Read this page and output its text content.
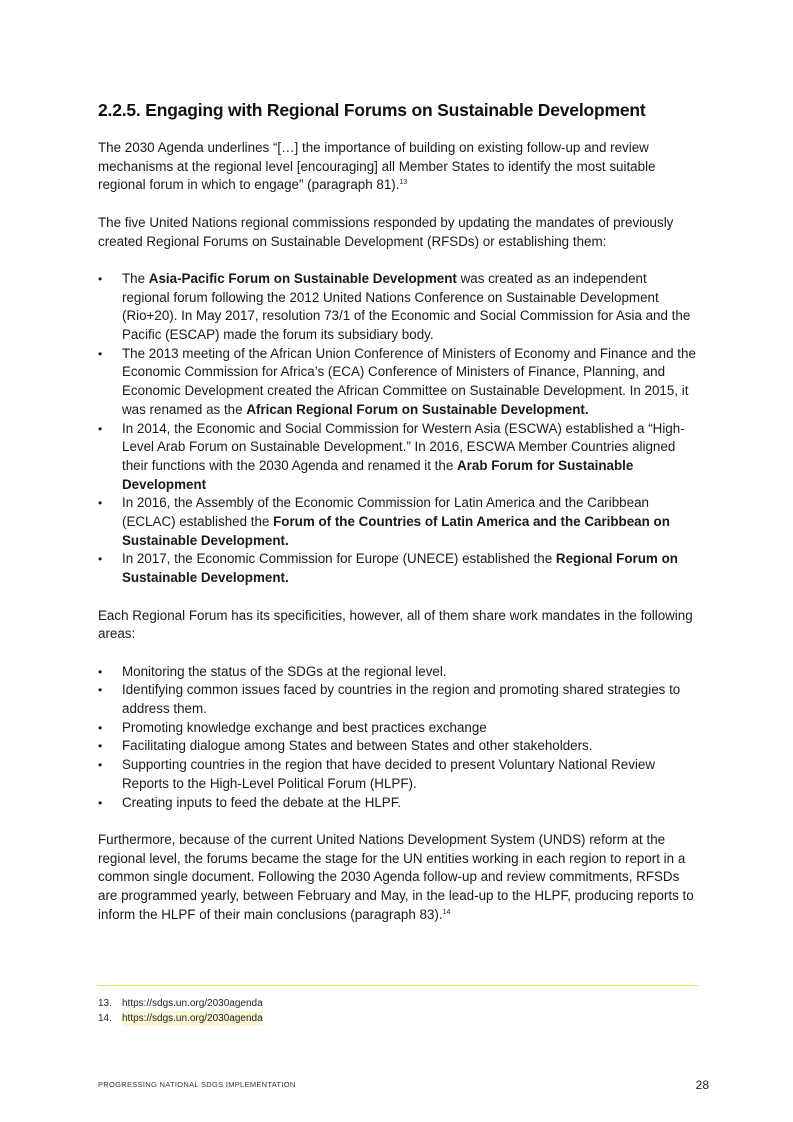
2.2.5. Engaging with Regional Forums on Sustainable Development

The 2030 Agenda underlines “[…] the importance of building on existing follow-up and review mechanisms at the regional level [encouraging] all Member States to identify the most suitable regional forum in which to engage” (paragraph 81).$^{13}$

The five United Nations regional commissions responded by updating the mandates of previously created Regional Forums on Sustainable Development (RFSDs) or establishing them:

• The Asia-Pacific Forum on Sustainable Development was created as an independent regional forum following the 2012 United Nations Conference on Sustainable Development (Rio+20). In May 2017, resolution 73/1 of the Economic and Social Commission for Asia and the Pacific (ESCAP) made the forum its subsidiary body.
• The 2013 meeting of the African Union Conference of Ministers of Economy and Finance and the Economic Commission for Africa’s (ECA) Conference of Ministers of Finance, Planning, and Economic Development created the African Committee on Sustainable Development. In 2015, it was renamed as the African Regional Forum on Sustainable Development.
• In 2014, the Economic and Social Commission for Western Asia (ESCWA) established a “High-Level Arab Forum on Sustainable Development.” In 2016, ESCWA Member Countries aligned their functions with the 2030 Agenda and renamed it the Arab Forum for Sustainable Development
• In 2016, the Assembly of the Economic Commission for Latin America and the Caribbean (ECLAC) established the Forum of the Countries of Latin America and the Caribbean on Sustainable Development.
• In 2017, the Economic Commission for Europe (UNECE) established the Regional Forum on Sustainable Development.

Each Regional Forum has its specificities, however, all of them share work mandates in the following areas:

• Monitoring the status of the SDGs at the regional level.
• Identifying common issues faced by countries in the region and promoting shared strategies to address them.
• Promoting knowledge exchange and best practices exchange
• Facilitating dialogue among States and between States and other stakeholders.
• Supporting countries in the region that have decided to present Voluntary National Review Reports to the High-Level Political Forum (HLPF).
• Creating inputs to feed the debate at the HLPF.

Furthermore, because of the current United Nations Development System (UNDS) reform at the regional level, the forums became the stage for the UN entities working in each region to report in a common single document. Following the 2030 Agenda follow-up and review commitments, RFSDs are programmed yearly, between February and May, in the lead-up to the HLPF, producing reports to inform the HLPF of their main conclusions (paragraph 83).$^{14}$

13.	https://sdgs.un.org/2030agenda
14.	https://sdgs.un.org/2030agenda
PROGRESSING NATIONAL SDGS IMPLEMENTATION	28
